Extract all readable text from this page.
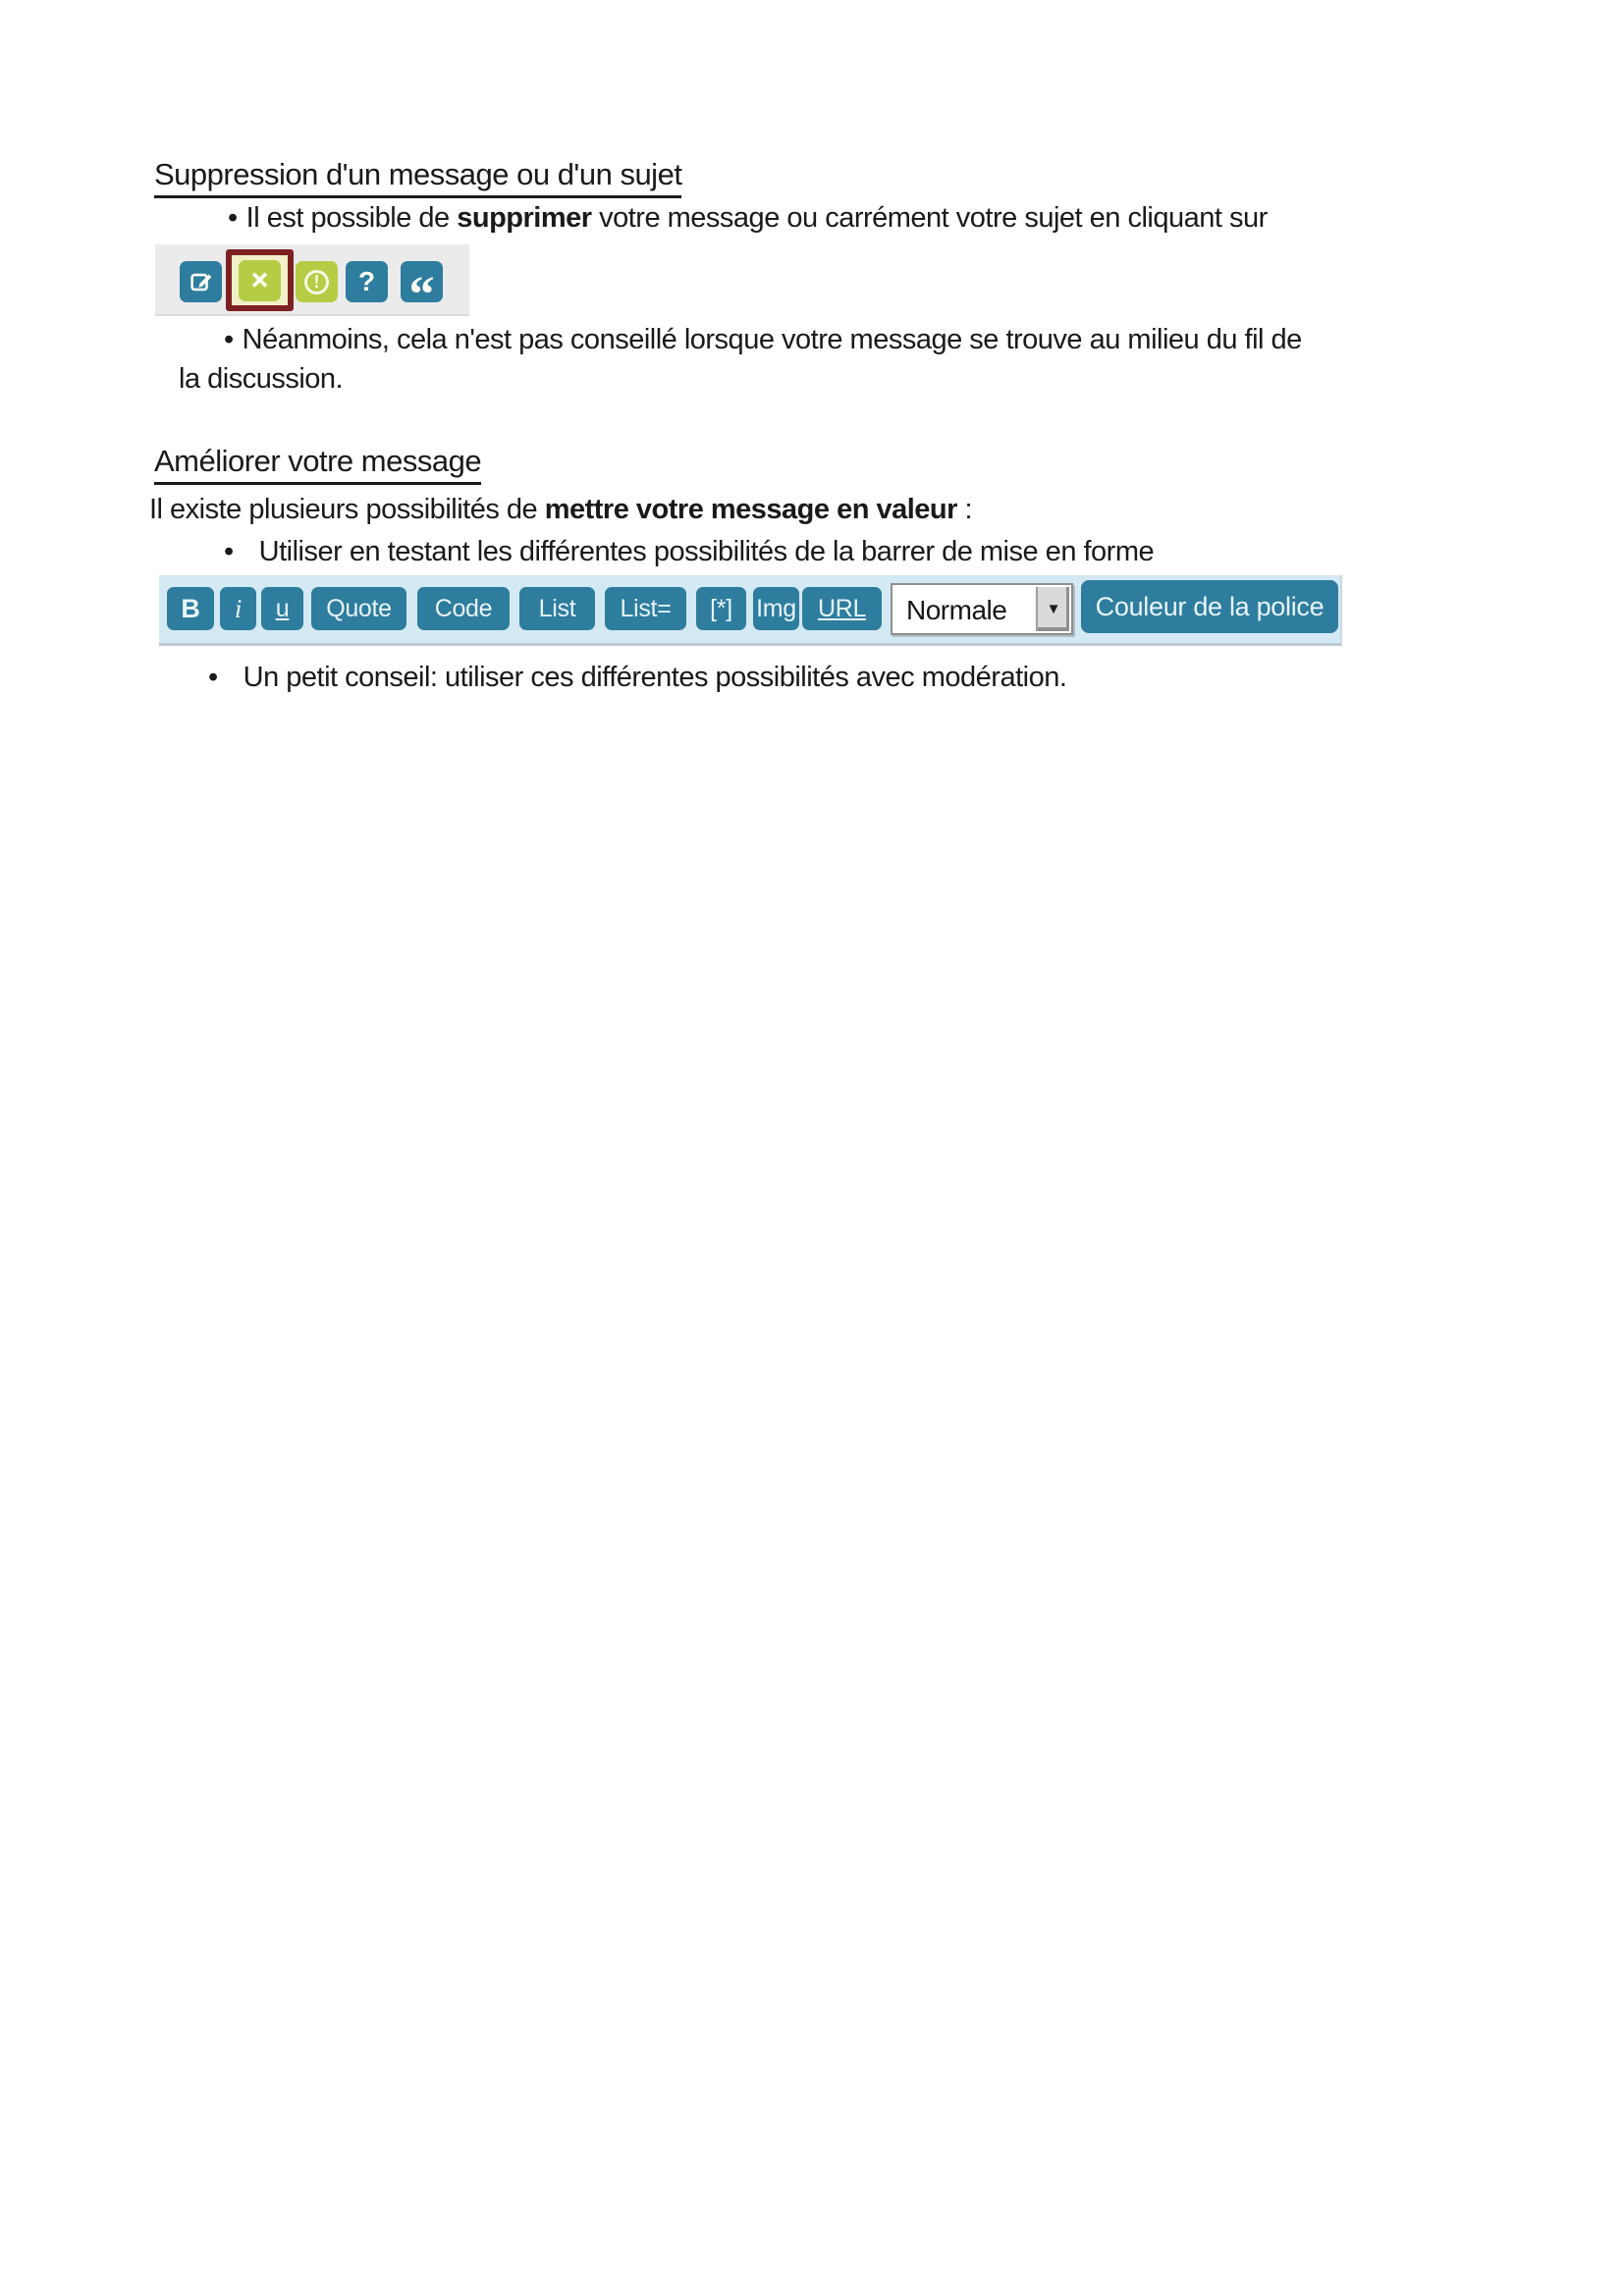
Suppression d'un message ou d'un sujet
• Il est possible de supprimer votre message ou carrément votre sujet en cliquant sur
×	!	? “
• Néanmoins, cela n'est pas conseillé lorsque votre message se trouve au milieu du fil de
la discussion.
Améliorer votre message
Il existe plusieurs possibilités de mettre votre message en valeur :
• Utiliser en testant les différentes possibilités de la barrer de mise en forme
B	i	u	Quote	Code	List	List=	[*] Img URL	Normale	▼	Couleur de la police
• Un petit conseil: utiliser ces différentes possibilités avec modération.
